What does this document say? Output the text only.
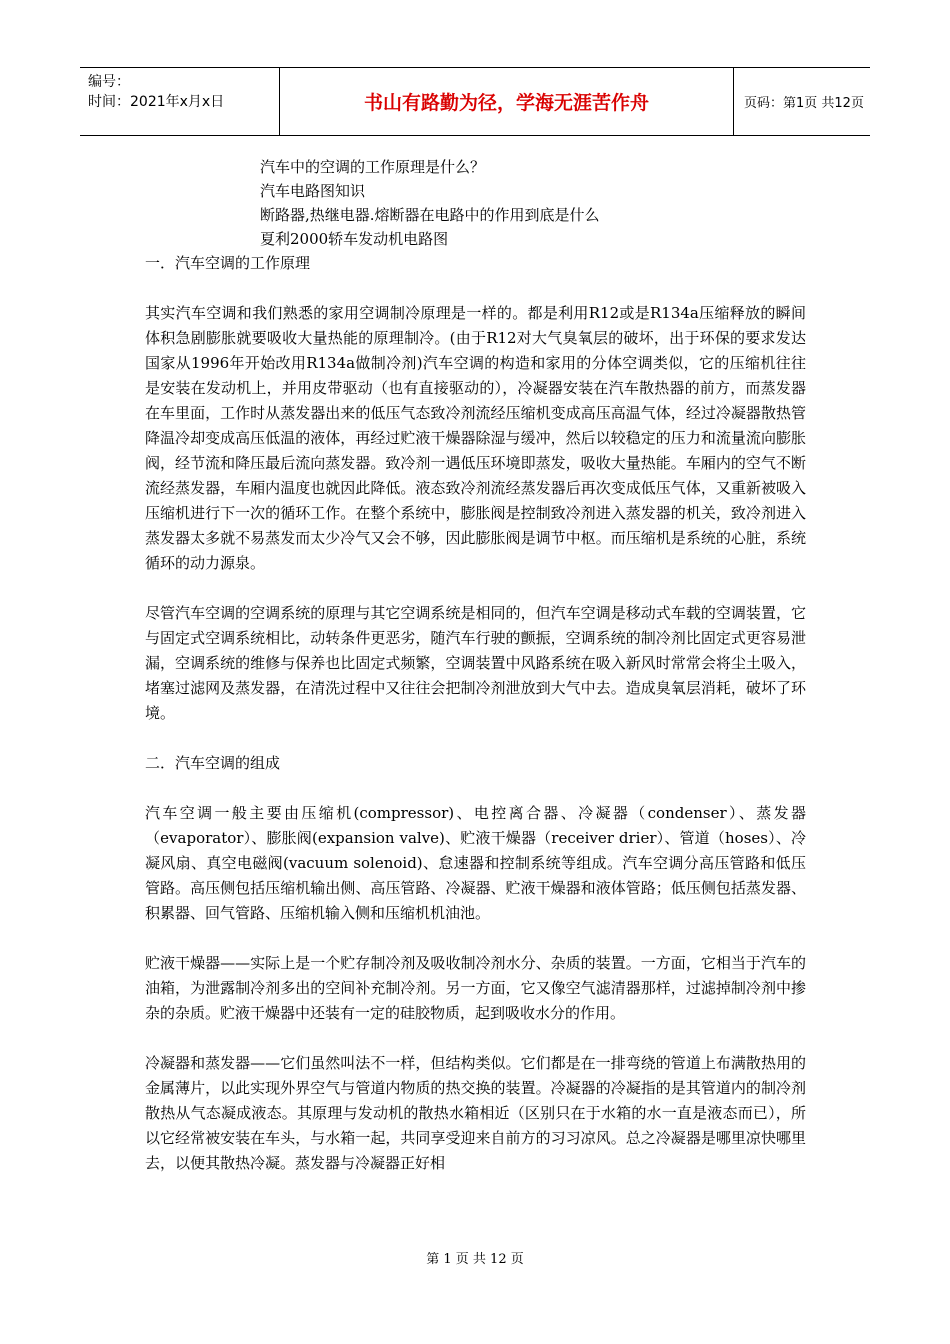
编号：
时间：2021年x月x日	书山有路勤为径，学海无涯苦作舟	页码：第1页 共12页
汽车中的空调的工作原理是什么？
汽车电路图知识
断路器,热继电器.熔断器在电路中的作用到底是什么
夏利2000轿车发动机电路图

一．汽车空调的工作原理

其实汽车空调和我们熟悉的家用空调制冷原理是一样的。都是利用R12或是R134a压缩释放的瞬间体积急剧膨胀就要吸收大量热能的原理制冷。(由于R12对大气臭氧层的破坏，出于环保的要求发达国家从1996年开始改用R134a做制冷剂)汽车空调的构造和家用的分体空调类似，它的压缩机往往是安装在发动机上，并用皮带驱动（也有直接驱动的），冷凝器安装在汽车散热器的前方，而蒸发器在车里面，工作时从蒸发器出来的低压气态致冷剂流经压缩机变成高压高温气体，经过冷凝器散热管降温冷却变成高压低温的液体，再经过贮液干燥器除湿与缓冲，然后以较稳定的压力和流量流向膨胀阀，经节流和降压最后流向蒸发器。致冷剂一遇低压环境即蒸发，吸收大量热能。车厢内的空气不断流经蒸发器，车厢内温度也就因此降低。液态致冷剂流经蒸发器后再次变成低压气体，又重新被吸入压缩机进行下一次的循环工作。在整个系统中，膨胀阀是控制致冷剂进入蒸发器的机关，致冷剂进入蒸发器太多就不易蒸发而太少冷气又会不够，因此膨胀阀是调节中枢。而压缩机是系统的心脏，系统循环的动力源泉。

尽管汽车空调的空调系统的原理与其它空调系统是相同的，但汽车空调是移动式车载的空调装置，它与固定式空调系统相比，动转条件更恶劣，随汽车行驶的颤振，空调系统的制冷剂比固定式更容易泄漏，空调系统的维修与保养也比固定式频繁，空调装置中风路系统在吸入新风时常常会将尘土吸入，堵塞过滤网及蒸发器，在清洗过程中又往往会把制冷剂泄放到大气中去。造成臭氧层消耗，破坏了环境。

二．汽车空调的组成

汽车空调一般主要由压缩机(compressor)、电控离合器、冷凝器（condenser）、蒸发器（evaporator）、膨胀阀(expansion valve)、贮液干燥器（receiver drier）、管道（hoses）、冷凝风扇、真空电磁阀(vacuum solenoid)、怠速器和控制系统等组成。汽车空调分高压管路和低压管路。高压侧包括压缩机输出侧、高压管路、冷凝器、贮液干燥器和液体管路；低压侧包括蒸发器、积累器、回气管路、压缩机输入侧和压缩机机油池。

贮液干燥器——实际上是一个贮存制冷剂及吸收制冷剂水分、杂质的装置。一方面，它相当于汽车的油箱，为泄露制冷剂多出的空间补充制冷剂。另一方面，它又像空气滤清器那样，过滤掉制冷剂中掺杂的杂质。贮液干燥器中还装有一定的硅胶物质，起到吸收水分的作用。

冷凝器和蒸发器——它们虽然叫法不一样，但结构类似。它们都是在一排弯绕的管道上布满散热用的金属薄片，以此实现外界空气与管道内物质的热交换的装置。冷凝器的冷凝指的是其管道内的制冷剂散热从气态凝成液态。其原理与发动机的散热水箱相近（区别只在于水箱的水一直是液态而已），所以它经常被安装在车头，与水箱一起，共同享受迎来自前方的习习凉风。总之冷凝器是哪里凉快哪里去，以便其散热冷凝。蒸发器与冷凝器正好相

第 1 页 共 12 页
